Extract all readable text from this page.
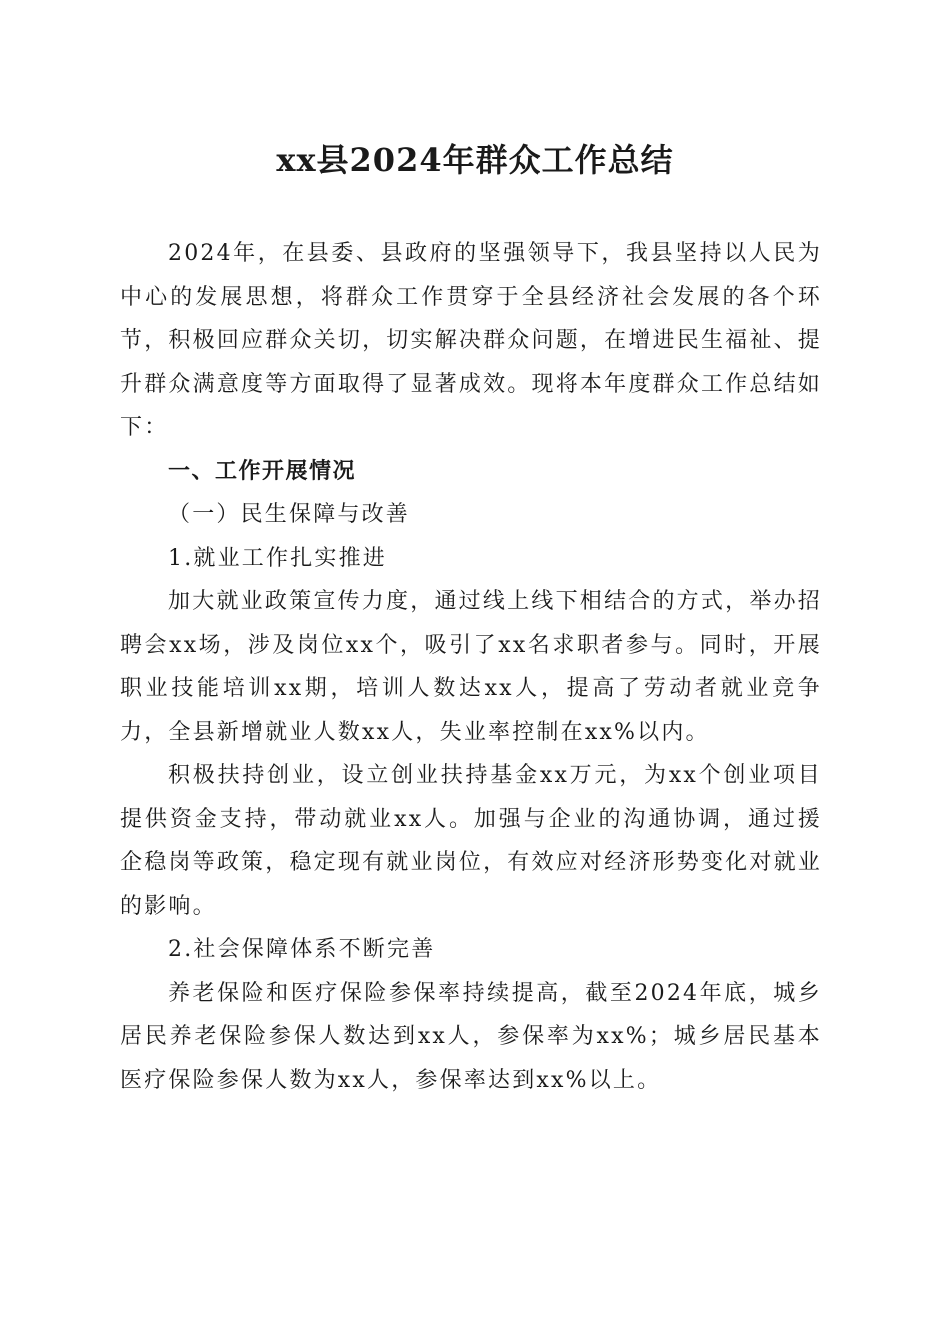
xx县2024年群众工作总结

2024年，在县委、县政府的坚强领导下，我县坚持以人民为中心的发展思想，将群众工作贯穿于全县经济社会发展的各个环节，积极回应群众关切，切实解决群众问题，在增进民生福祉、提升群众满意度等方面取得了显著成效。现将本年度群众工作总结如下：

一、工作开展情况

（一）民生保障与改善

1.就业工作扎实推进

加大就业政策宣传力度，通过线上线下相结合的方式，举办招聘会xx场，涉及岗位xx个，吸引了xx名求职者参与。同时，开展职业技能培训xx期，培训人数达xx人，提高了劳动者就业竞争力，全县新增就业人数xx人，失业率控制在xx%以内。

积极扶持创业，设立创业扶持基金xx万元，为xx个创业项目提供资金支持，带动就业xx人。加强与企业的沟通协调，通过援企稳岗等政策，稳定现有就业岗位，有效应对经济形势变化对就业的影响。

2.社会保障体系不断完善

养老保险和医疗保险参保率持续提高，截至2024年底，城乡居民养老保险参保人数达到xx人，参保率为xx%；城乡居民基本医疗保险参保人数为xx人，参保率达到xx%以上。
